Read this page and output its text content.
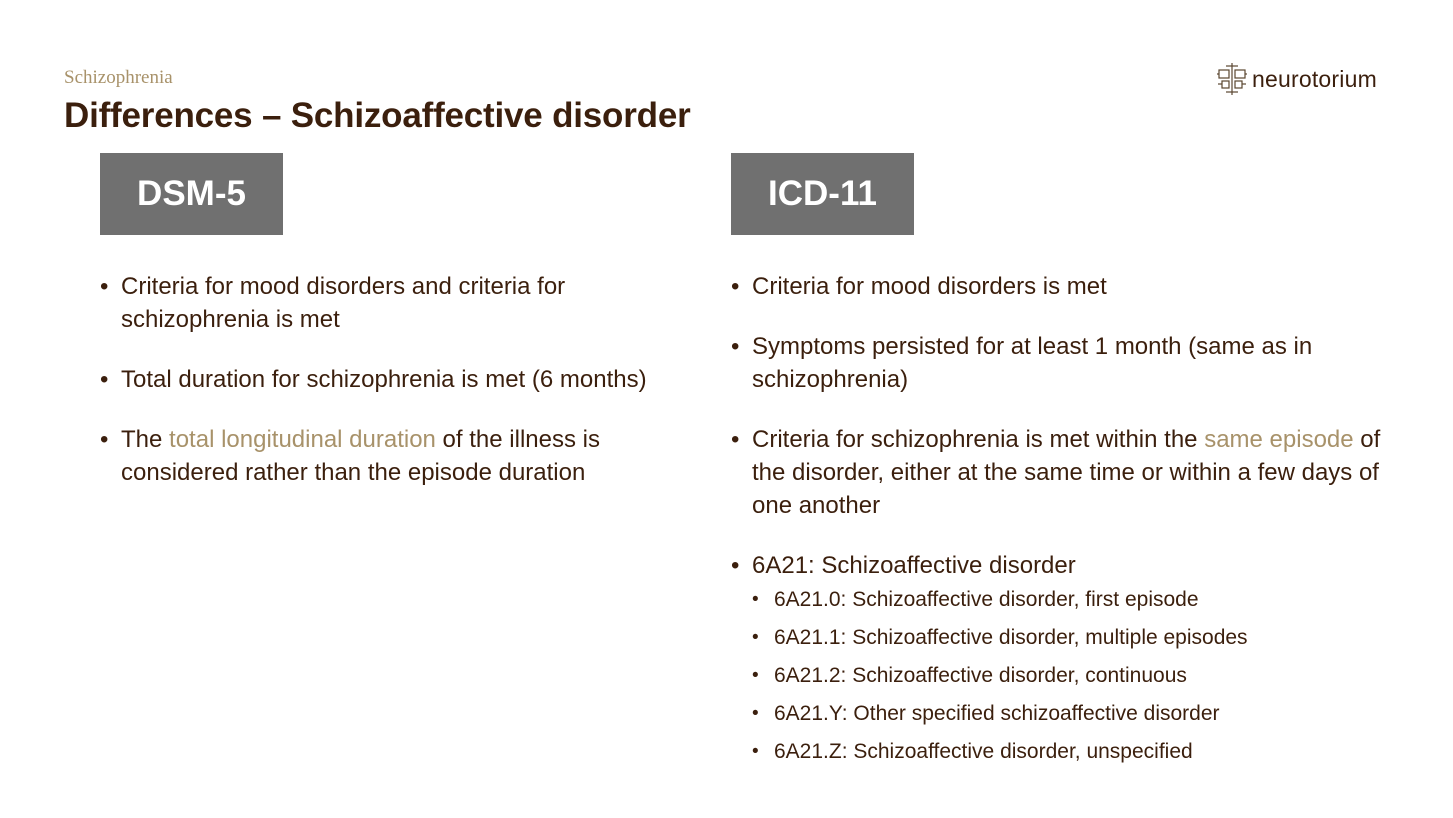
Schizophrenia
Differences – Schizoaffective disorder
neurotorium
DSM-5	ICD-11
• Criteria for mood disorders and criteria for schizophrenia is met
• Total duration for schizophrenia is met (6 months)
• The total longitudinal duration of the illness is considered rather than the episode duration
• Criteria for mood disorders is met
• Symptoms persisted for at least 1 month (same as in schizophrenia)
• Criteria for schizophrenia is met within the same episode of the disorder, either at the same time or within a few days of one another
• 6A21: Schizoaffective disorder
• 6A21.0: Schizoaffective disorder, first episode
• 6A21.1: Schizoaffective disorder, multiple episodes
• 6A21.2: Schizoaffective disorder, continuous
• 6A21.Y: Other specified schizoaffective disorder
• 6A21.Z: Schizoaffective disorder, unspecified
